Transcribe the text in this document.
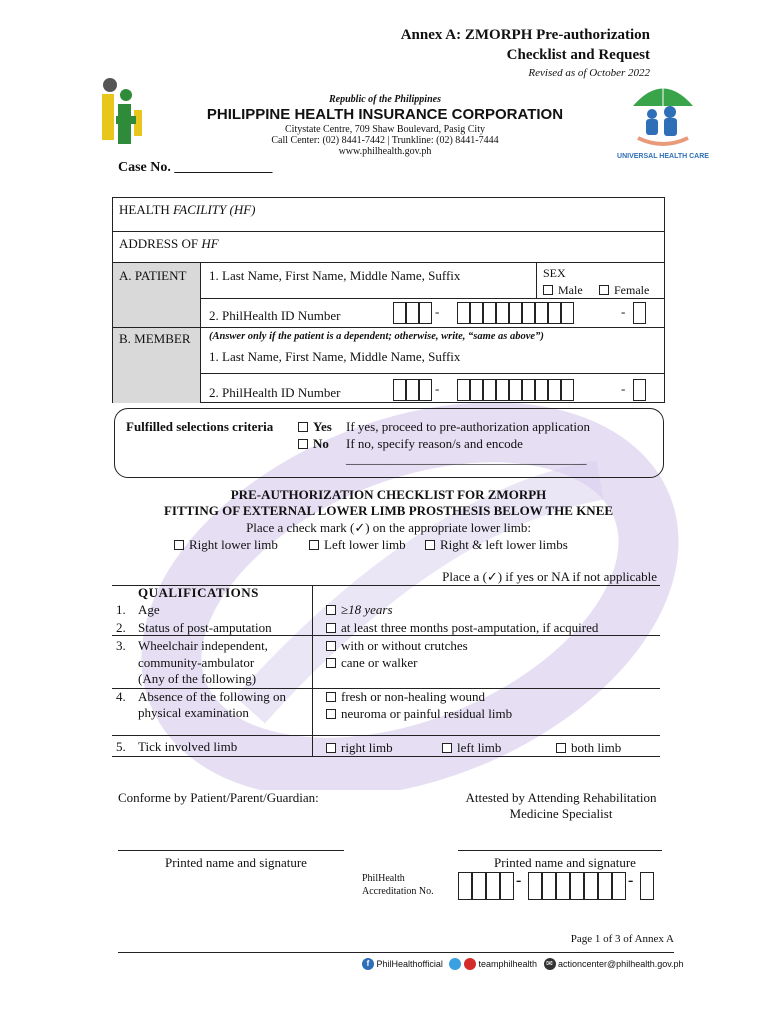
Annex A: ZMORPH Pre-authorization
Checklist and Request
Revised as of October 2022
Republic of the Philippines
PHILIPPINE HEALTH INSURANCE CORPORATION
Citystate Centre, 709 Shaw Boulevard, Pasig City
Call Center: (02) 8441-7442 | Trunkline: (02) 8441-7444
www.philhealth.gov.ph	UNIVERSAL HEALTH CARE
Case No. ______________
HEALTH FACILITY (HF)
ADDRESS OF HF
A. PATIENT 1. Last Name, First Name, Middle Name, Suffix	SEX
Male	Female
2. PhilHealth ID Number	-	-
B. MEMBER (Answer only if the patient is a dependent; otherwise, write, “same as above”)
1. Last Name, First Name, Middle Name, Suffix
2. PhilHealth ID Number	-	-
Fulfilled selections criteria	Yes If yes, proceed to pre-authorization application
No If no, specify reason/s and encode
_____________________________________
PRE-AUTHORIZATION CHECKLIST FOR ZMORPH
FITTING OF EXTERNAL LOWER LIMB PROSTHESIS BELOW THE KNEE
Place a check mark (✓) on the appropriate lower limb:
Right lower limb	Left lower limb	Right & left lower limbs
Place a (✓) if yes or NA if not applicable
QUALIFICATIONS
1. Age	≥18 years
2. Status of post-amputation	at least three months post-amputation, if acquired
3. Wheelchair independent,
community-ambulator
(Any of the following)
with or without crutches
cane or walker
4. Absence of the following on
physical examination
fresh or non-healing wound
neuroma or painful residual limb
5. Tick involved limb	right limb	left limb	both limb
Conforme by Patient/Parent/Guardian:	Attested by Attending Rehabilitation
Medicine Specialist
Printed name and signature	Printed name and signature
PhilHealth
Accreditation No.
-	-
Page 1 of 3 of Annex A
f PhilHealthofficial	teamphilhealth ✉ actioncenter@philhealth.gov.ph
